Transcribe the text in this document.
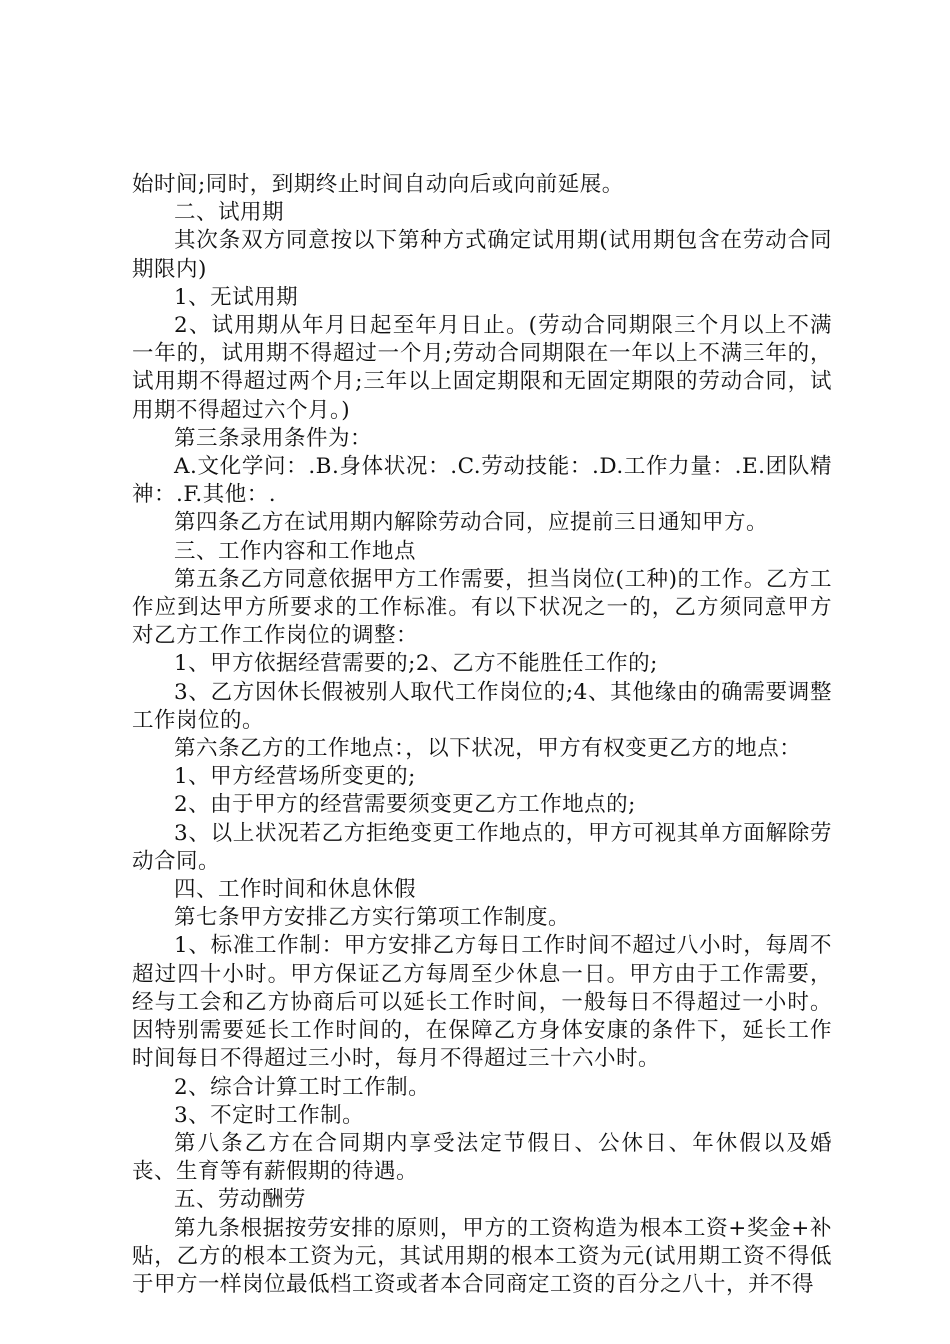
始时间;同时，到期终止时间自动向后或向前延展。

二、试用期

其次条双方同意按以下第种方式确定试用期(试用期包含在劳动合同期限内)

1、无试用期

2、试用期从年月日起至年月日止。(劳动合同期限三个月以上不满一年的，试用期不得超过一个月;劳动合同期限在一年以上不满三年的，试用期不得超过两个月;三年以上固定期限和无固定期限的劳动合同，试用期不得超过六个月。)

第三条录用条件为：

A.文化学问：.B.身体状况：.C.劳动技能：.D.工作力量：.E.团队精神：.F.其他：.

第四条乙方在试用期内解除劳动合同，应提前三日通知甲方。

三、工作内容和工作地点

第五条乙方同意依据甲方工作需要，担当岗位(工种)的工作。乙方工作应到达甲方所要求的工作标准。有以下状况之一的，乙方须同意甲方对乙方工作工作岗位的调整：

1、甲方依据经营需要的;2、乙方不能胜任工作的;

3、乙方因休长假被别人取代工作岗位的;4、其他缘由的确需要调整工作岗位的。

第六条乙方的工作地点：，以下状况，甲方有权变更乙方的地点：

1、甲方经营场所变更的;

2、由于甲方的经营需要须变更乙方工作地点的;

3、以上状况若乙方拒绝变更工作地点的，甲方可视其单方面解除劳动合同。

四、工作时间和休息休假

第七条甲方安排乙方实行第项工作制度。

1、标准工作制：甲方安排乙方每日工作时间不超过八小时，每周不超过四十小时。甲方保证乙方每周至少休息一日。甲方由于工作需要，经与工会和乙方协商后可以延长工作时间，一般每日不得超过一小时。因特别需要延长工作时间的，在保障乙方身体安康的条件下，延长工作时间每日不得超过三小时，每月不得超过三十六小时。

2、综合计算工时工作制。

3、不定时工作制。

第八条乙方在合同期内享受法定节假日、公休日、年休假以及婚丧、生育等有薪假期的待遇。

五、劳动酬劳

第九条根据按劳安排的原则，甲方的工资构造为根本工资+奖金+补贴，乙方的根本工资为元，其试用期的根本工资为元(试用期工资不得低于甲方一样岗位最低档工资或者本合同商定工资的百分之八十，并不得
